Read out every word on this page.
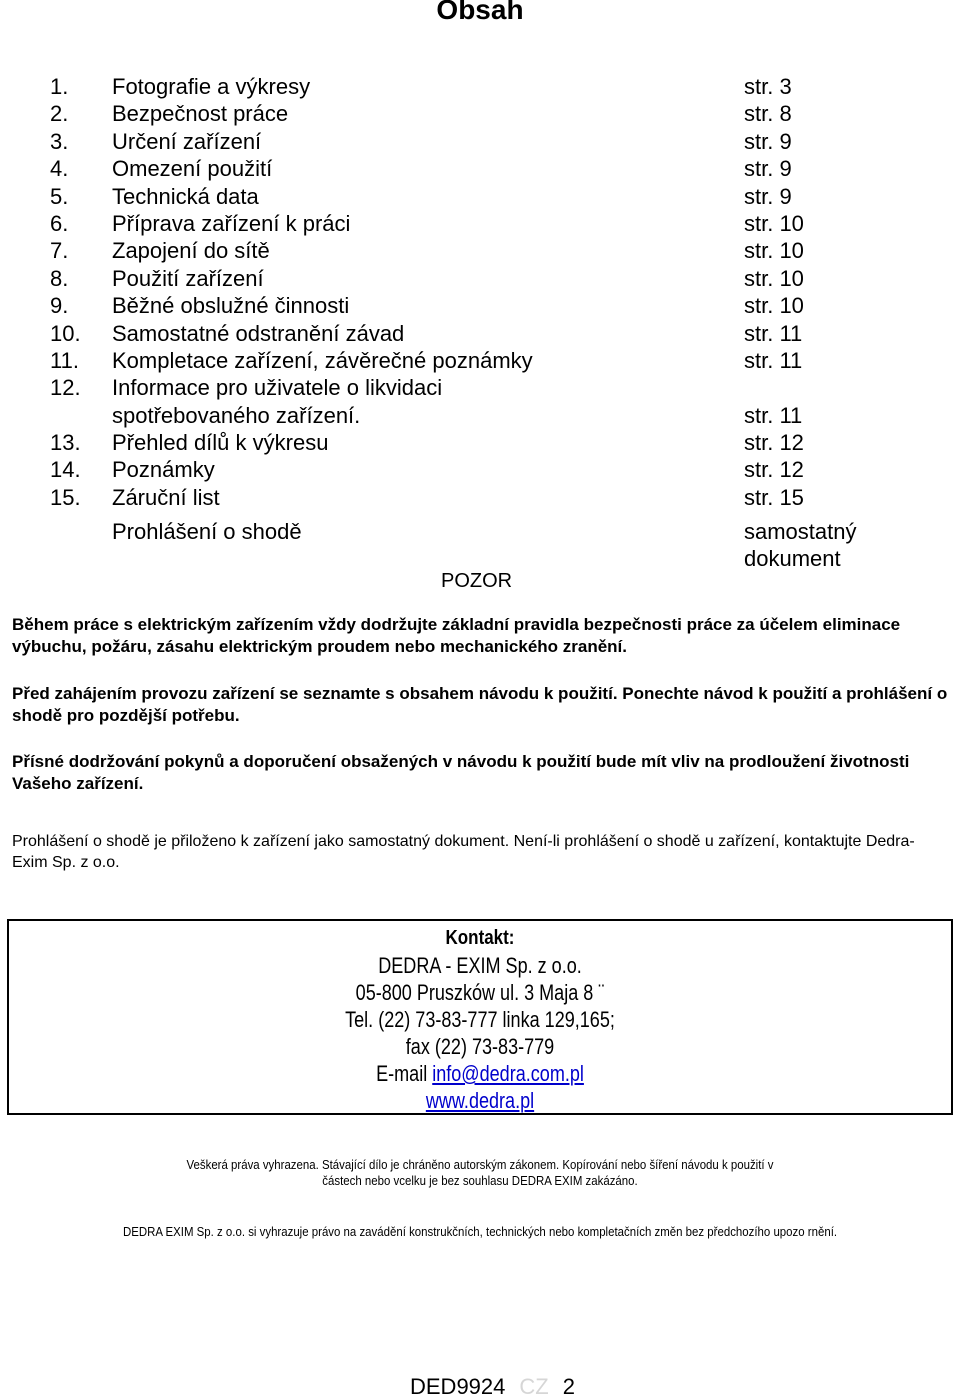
Obsah
1. Fotografie a výkresy	str. 3
2. Bezpečnost práce	str. 8
3. Určení zařízení	str. 9
4. Omezení použití	str. 9
5. Technická data	str. 9
6. Příprava zařízení k práci	str. 10
7. Zapojení do sítě	str. 10
8. Použití zařízení	str. 10
9. Běžné obslužné činnosti	str. 10
10. Samostatné odstranění závad	str. 11
11. Kompletace zařízení, závěrečné poznámky	str. 11
12. Informace pro uživatele o likvidaci
spotřebovaného zařízení.	str. 11
13. Přehled dílů k výkresu	str. 12
14. Poznámky	str. 12
15. Záruční list	str. 15
Prohlášení o shodě	samostatný
dokument
POZOR
Během práce s elektrickým zařízením vždy dodržujte základní pravidla bezpečnosti práce za účelem eliminace výbuchu, požáru, zásahu elektrickým proudem nebo mechanického zranění.
Před zahájením provozu zařízení se seznamte s obsahem návodu k použití. Ponechte návod k použití a prohlášení o shodě pro pozdější potřebu.
Přísné dodržování pokynů a doporučení obsažených v návodu k použití bude mít vliv na prodloužení životnosti Vašeho zařízení.
Prohlášení o shodě je přiloženo k zařízení jako samostatný dokument. Není-li prohlášení o shodě u zařízení, kontaktujte Dedra-Exim Sp. z o.o.
Kontakt:
DEDRA - EXIM Sp. z o.o.
05-800 Pruszków ul. 3 Maja 8 ¨
Tel. (22) 73-83-777 linka 129,165;
fax (22) 73-83-779
E-mail info@dedra.com.pl
www.dedra.pl
Veškerá práva vyhrazena. Stávající dílo je chráněno autorským zákonem. Kopírování nebo šíření návodu k použití v
částech nebo vcelku je bez souhlasu DEDRA EXIM zakázáno.
DEDRA EXIM Sp. z o.o. si vyhrazuje právo na zavádění konstrukčních, technických nebo kompletačních změn bez předchozího upozo rnění.
DED9924 CZ 2
